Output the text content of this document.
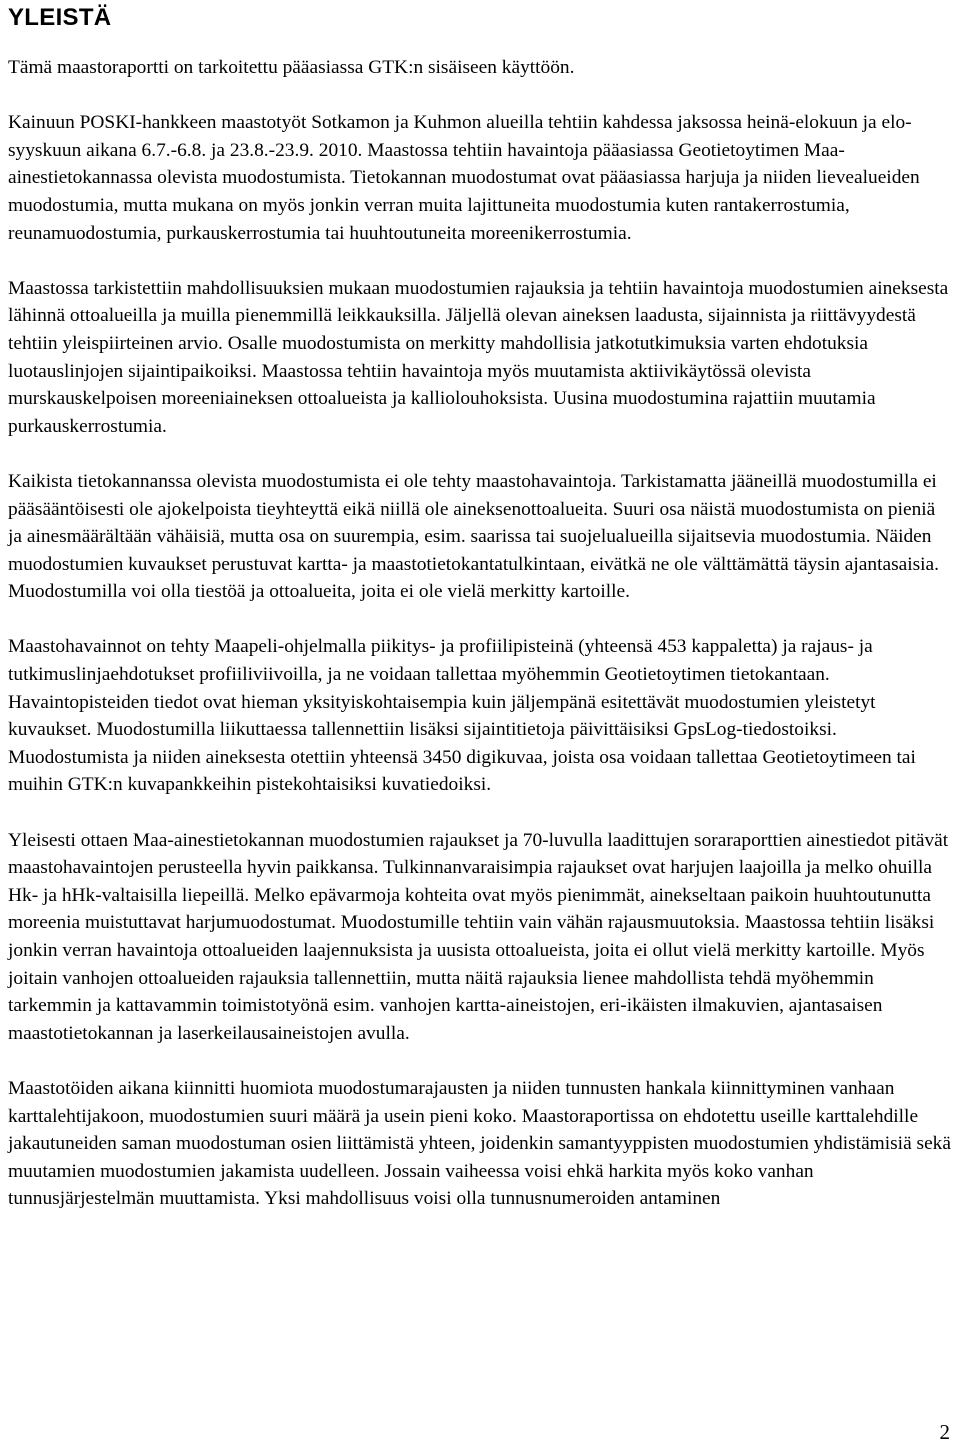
YLEISTÄ

Tämä maastoraportti on tarkoitettu pääasiassa GTK:n sisäiseen käyttöön.

Kainuun POSKI-hankkeen maastotyöt Sotkamon ja Kuhmon alueilla tehtiin kahdessa jaksossa heinä-elokuun ja elo-syyskuun aikana 6.7.-6.8. ja 23.8.-23.9. 2010. Maastossa tehtiin havaintoja pääasiassa Geotietoytimen Maa-ainestietokannassa olevista muodostumista. Tietokannan muodostumat ovat pääasiassa harjuja ja niiden lievealueiden muodostumia, mutta mukana on myös jonkin verran muita lajittuneita muodostumia kuten rantakerrostumia, reunamuodostumia, purkauskerrostumia tai huuhtoutuneita moreenikerrostumia.

Maastossa tarkistettiin mahdollisuuksien mukaan muodostumien rajauksia ja tehtiin havaintoja muodostumien aineksesta lähinnä ottoalueilla ja muilla pienemmillä leikkauksilla. Jäljellä olevan aineksen laadusta, sijainnista ja riittävyydestä tehtiin yleispiirteinen arvio. Osalle muodostumista on merkitty mahdollisia jatkotutkimuksia varten ehdotuksia luotauslinjojen sijaintipaikoiksi. Maastossa tehtiin havaintoja myös muutamista aktiivikäytössä olevista murskauskelpoisen moreeniaineksen ottoalueista ja kalliolouhoksista. Uusina muodostumina rajattiin muutamia purkauskerrostumia.

Kaikista tietokannanssa olevista muodostumista ei ole tehty maastohavaintoja. Tarkistamatta jääneillä muodostumilla ei pääsääntöisesti ole ajokelpoista tieyhteyttä eikä niillä ole aineksenottoalueita. Suuri osa näistä muodostumista on pieniä ja ainesmäärältään vähäisiä, mutta osa on suurempia, esim. saarissa tai suojelualueilla sijaitsevia muodostumia. Näiden muodostumien kuvaukset perustuvat kartta- ja maastotietokantatulkintaan, eivätkä ne ole välttämättä täysin ajantasaisia. Muodostumilla voi olla tiestöä ja ottoalueita, joita ei ole vielä merkitty kartoille.

Maastohavainnot on tehty Maapeli-ohjelmalla piikitys- ja profiilipisteinä (yhteensä 453 kappaletta) ja rajaus- ja tutkimuslinjaehdotukset profiiliviivoilla, ja ne voidaan tallettaa myöhemmin Geotietoytimen tietokantaan. Havaintopisteiden tiedot ovat hieman yksityiskohtaisempia kuin jäljempänä esitettävät muodostumien yleistetyt kuvaukset. Muodostumilla liikuttaessa tallennettiin lisäksi sijaintitietoja päivittäisiksi GpsLog-tiedostoiksi. Muodostumista ja niiden aineksesta otettiin yhteensä 3450 digikuvaa, joista osa voidaan tallettaa Geotietoytimeen tai muihin GTK:n kuvapankkeihin pistekohtaisiksi kuvatiedoiksi.

Yleisesti ottaen Maa-ainestietokannan muodostumien rajaukset ja 70-luvulla laadittujen soraraporttien ainestiedot pitävät maastohavaintojen perusteella hyvin paikkansa. Tulkinnanvaraisimpia rajaukset ovat harjujen laajoilla ja melko ohuilla Hk- ja hHk-valtaisilla liepeillä. Melko epävarmoja kohteita ovat myös pienimmät, ainekseltaan paikoin huuhtoutunutta moreenia muistuttavat harjumuodostumat. Muodostumille tehtiin vain vähän rajausmuutoksia. Maastossa tehtiin lisäksi jonkin verran havaintoja ottoalueiden laajennuksista ja uusista ottoalueista, joita ei ollut vielä merkitty kartoille. Myös joitain vanhojen ottoalueiden rajauksia tallennettiin, mutta näitä rajauksia lienee mahdollista tehdä myöhemmin tarkemmin ja kattavammin toimistotyönä esim. vanhojen kartta-aineistojen, eri-ikäisten ilmakuvien, ajantasaisen maastotietokannan ja laserkeilausaineistojen avulla.

Maastotöiden aikana kiinnitti huomiota muodostumarajausten ja niiden tunnusten hankala kiinnittyminen vanhaan karttalehtijakoon, muodostumien suuri määrä ja usein pieni koko. Maastoraportissa on ehdotettu useille karttalehdille jakautuneiden saman muodostuman osien liittämistä yhteen, joidenkin samantyyppisten muodostumien yhdistämisiä sekä muutamien muodostumien jakamista uudelleen. Jossain vaiheessa voisi ehkä harkita myös koko vanhan tunnusjärjestelmän muuttamista. Yksi mahdollisuus voisi olla tunnusnumeroiden antaminen

2
